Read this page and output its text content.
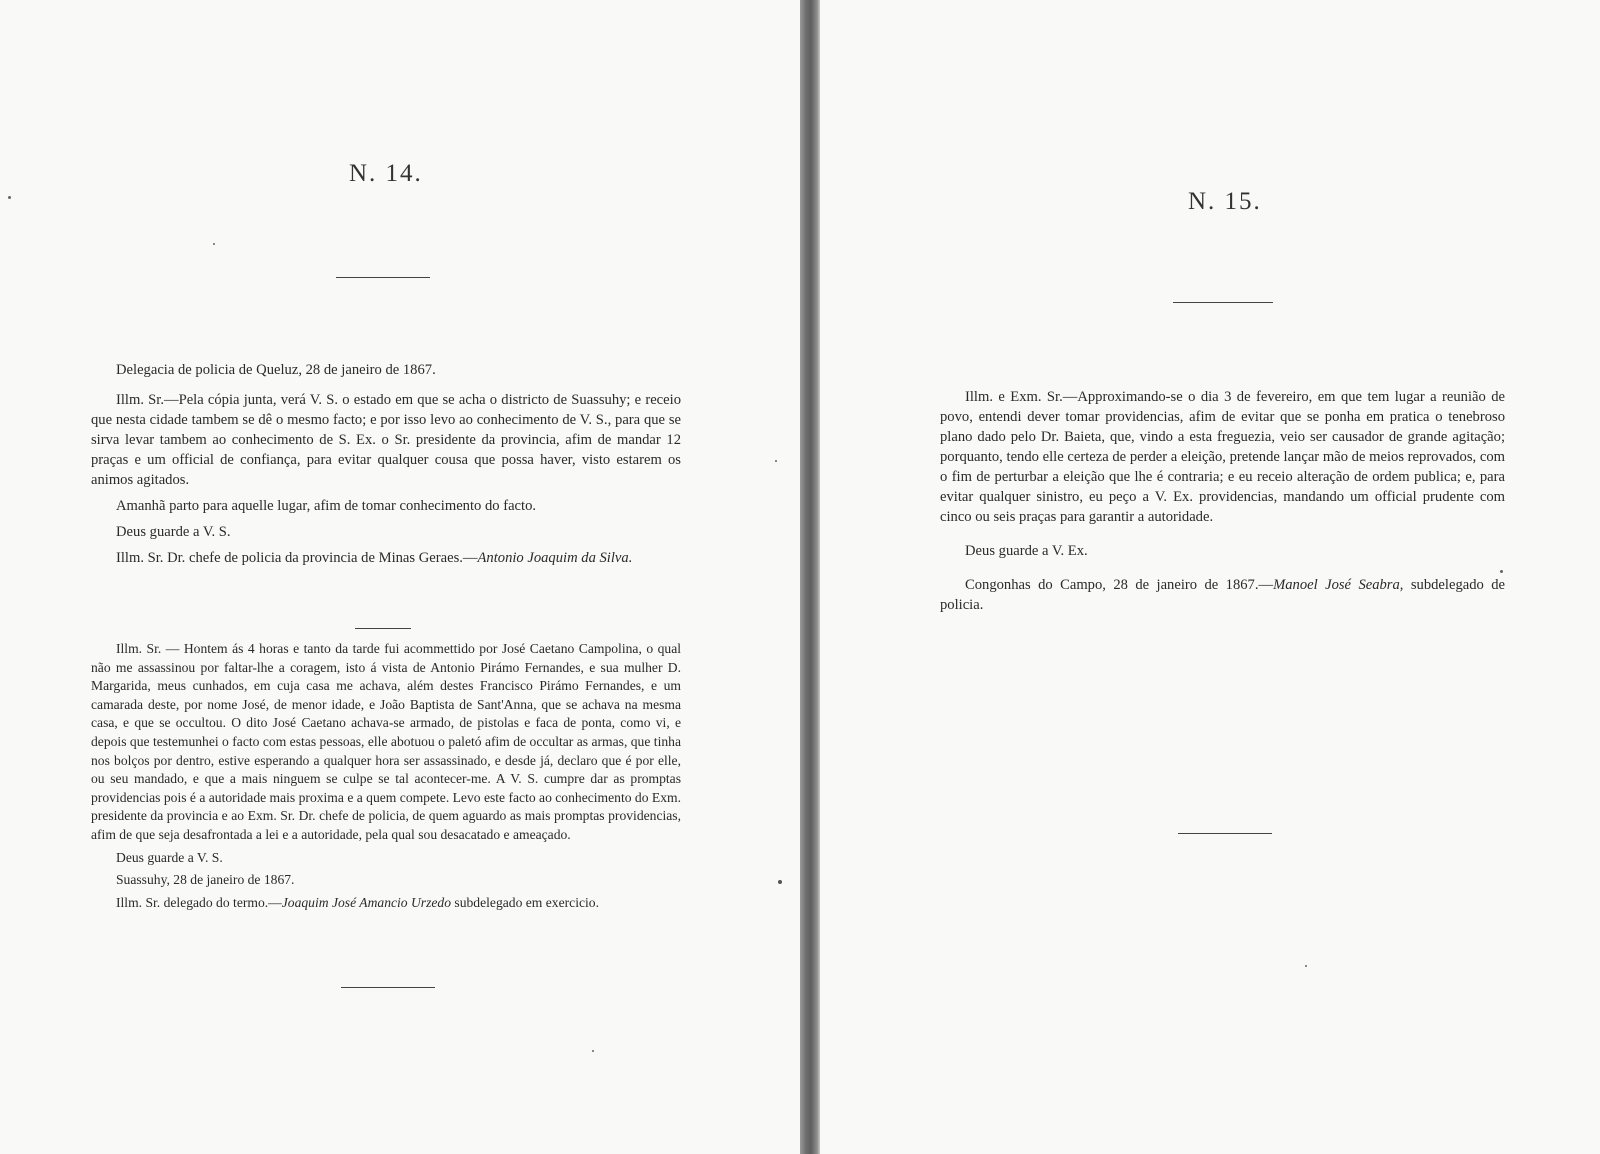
N. 14.

Delegacia de policia de Queluz, 28 de janeiro de 1867.

Illm. Sr.—Pela cópia junta, verá V. S. o estado em que se acha o districto de Suassuhy; e receio que nesta cidade tambem se dê o mesmo facto; e por isso levo ao conhecimento de V. S., para que se sirva levar tambem ao conhecimento de S. Ex. o Sr. presidente da provincia, afim de mandar 12 praças e um official de confiança, para evitar qualquer cousa que possa haver, visto estarem os animos agitados.

Amanhã parto para aquelle lugar, afim de tomar conhecimento do facto.

Deus guarde a V. S.

Illm. Sr. Dr. chefe de policia da provincia de Minas Geraes.—Antonio Joaquim da Silva.

Illm. Sr. — Hontem ás 4 horas e tanto da tarde fui acommettido por José Caetano Campolina, o qual não me assassinou por faltar-lhe a coragem, isto á vista de Antonio Pirámo Fernandes, e sua mulher D. Margarida, meus cunhados, em cuja casa me achava, além destes Francisco Pirámo Fernandes, e um camarada deste, por nome José, de menor idade, e João Baptista de Sant'Anna, que se achava na mesma casa, e que se occultou. O dito José Caetano achava-se armado, de pistolas e faca de ponta, como vi, e depois que testemunhei o facto com estas pessoas, elle abotuou o paletó afim de occultar as armas, que tinha nos bolços por dentro, estive esperando a qualquer hora ser assassinado, e desde já, declaro que é por elle, ou seu mandado, e que a mais ninguem se culpe se tal acontecer-me. A V. S. cumpre dar as promptas providencias pois é a autoridade mais proxima e a quem compete. Levo este facto ao conhecimento do Exm. presidente da provincia e ao Exm. Sr. Dr. chefe de policia, de quem aguardo as mais promptas providencias, afim de que seja desafrontada a lei e a autoridade, pela qual sou desacatado e ameaçado.

Deus guarde a V. S.

Suassuhy, 28 de janeiro de 1867.

Illm. Sr. delegado do termo.—Joaquim José Amancio Urzedo subdelegado em exercicio.

N. 15.

Illm. e Exm. Sr.—Approximando-se o dia 3 de fevereiro, em que tem lugar a reunião de povo, entendi dever tomar providencias, afim de evitar que se ponha em pratica o tenebroso plano dado pelo Dr. Baieta, que, vindo a esta freguezia, veio ser causador de grande agitação; porquanto, tendo elle certeza de perder a eleição, pretende lançar mão de meios reprovados, com o fim de perturbar a eleição que lhe é contraria; e eu receio alteração de ordem publica; e, para evitar qualquer sinistro, eu peço a V. Ex. providencias, mandando um official prudente com cinco ou seis praças para garantir a autoridade.

Deus guarde a V. Ex.

Congonhas do Campo, 28 de janeiro de 1867.—Manoel José Seabra, subdelegado de policia.
